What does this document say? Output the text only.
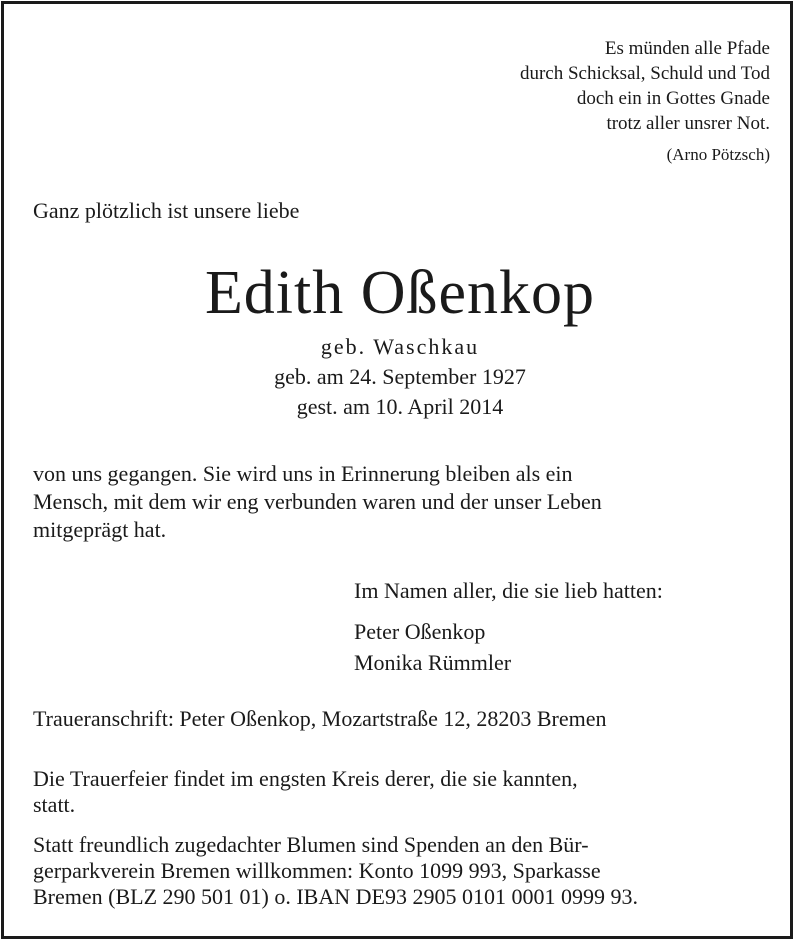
Es münden alle Pfade
durch Schicksal, Schuld und Tod
doch ein in Gottes Gnade
trotz aller unsrer Not.
(Arno Pötzsch)
Ganz plötzlich ist unsere liebe
Edith Oßenkop
geb. Waschkau
geb. am 24. September 1927
gest. am 10. April 2014
von uns gegangen. Sie wird uns in Erinnerung bleiben als ein
Mensch, mit dem wir eng verbunden waren und der unser Leben
mitgeprägt hat.
Im Namen aller, die sie lieb hatten:
Peter Oßenkop
Monika Rümmler
Traueranschrift: Peter Oßenkop, Mozartstraße 12, 28203 Bremen
Die Trauerfeier findet im engsten Kreis derer, die sie kannten,
statt.
Statt freundlich zugedachter Blumen sind Spenden an den Bür-
gerparkverein Bremen willkommen: Konto 1099 993, Sparkasse
Bremen (BLZ 290 501 01) o. IBAN DE93 2905 0101 0001 0999 93.
